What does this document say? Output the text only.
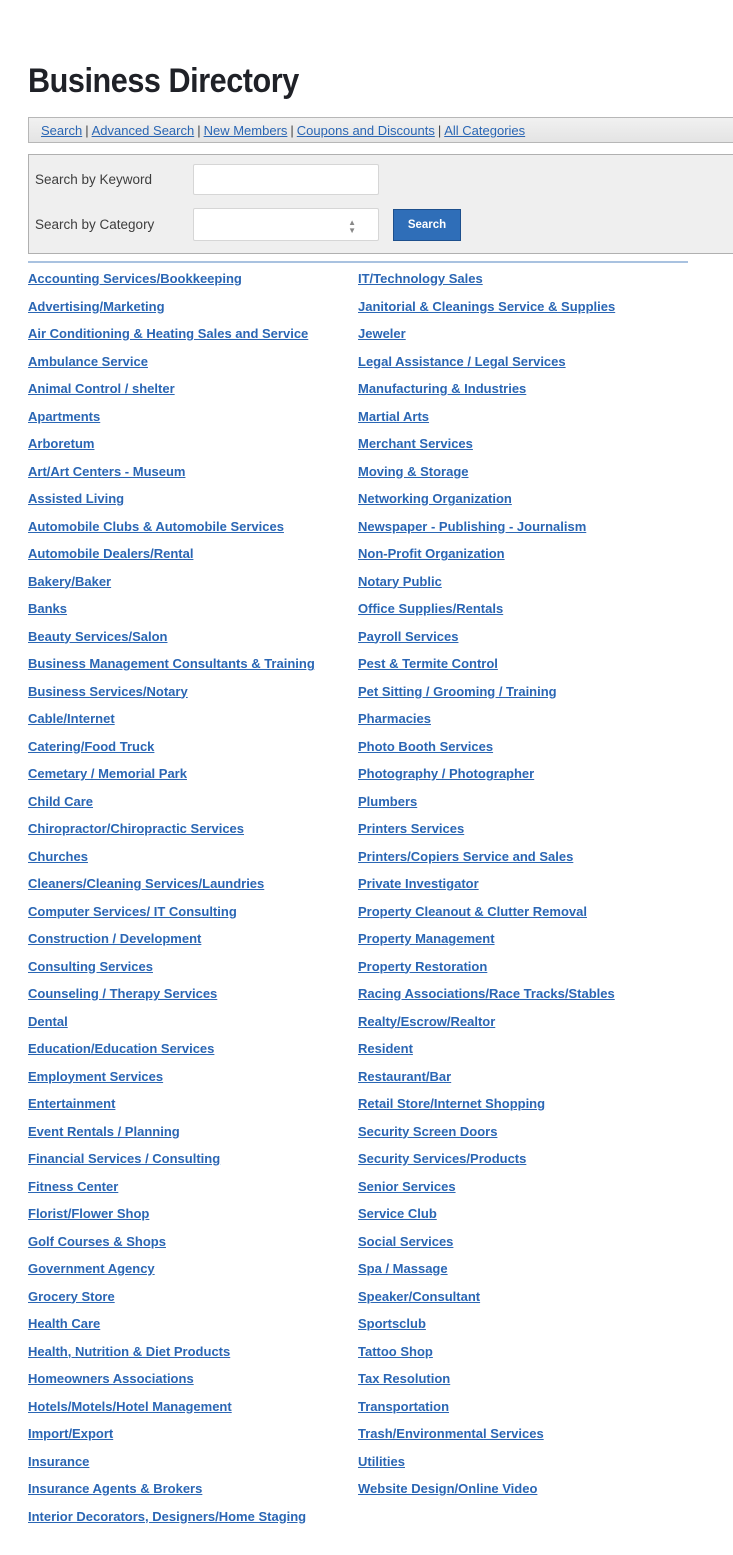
Business Directory
Search | Advanced Search | New Members | Coupons and Discounts | All Categories
Search by Keyword
Search by Category	▲
▼	Search
Accounting Services/Bookkeeping
Advertising/Marketing
Air Conditioning & Heating Sales and Service
Ambulance Service
Animal Control / shelter
Apartments
Arboretum
Art/Art Centers - Museum
Assisted Living
Automobile Clubs & Automobile Services
Automobile Dealers/Rental
Bakery/Baker
Banks
Beauty Services/Salon
Business Management Consultants & Training
Business Services/Notary
Cable/Internet
Catering/Food Truck
Cemetary / Memorial Park
Child Care
Chiropractor/Chiropractic Services
Churches
Cleaners/Cleaning Services/Laundries
Computer Services/ IT Consulting
Construction / Development
Consulting Services
Counseling / Therapy Services
Dental
Education/Education Services
Employment Services
Entertainment
Event Rentals / Planning
Financial Services / Consulting
Fitness Center
Florist/Flower Shop
Golf Courses & Shops
Government Agency
Grocery Store
Health Care
Health, Nutrition & Diet Products
Homeowners Associations
Hotels/Motels/Hotel Management
Import/Export
Insurance
Insurance Agents & Brokers
Interior Decorators, Designers/Home Staging
IT/Technology Sales
Janitorial & Cleanings Service & Supplies
Jeweler
Legal Assistance / Legal Services
Manufacturing & Industries
Martial Arts
Merchant Services
Moving & Storage
Networking Organization
Newspaper - Publishing - Journalism
Non-Profit Organization
Notary Public
Office Supplies/Rentals
Payroll Services
Pest & Termite Control
Pet Sitting / Grooming / Training
Pharmacies
Photo Booth Services
Photography / Photographer
Plumbers
Printers Services
Printers/Copiers Service and Sales
Private Investigator
Property Cleanout & Clutter Removal
Property Management
Property Restoration
Racing Associations/Race Tracks/Stables
Realty/Escrow/Realtor
Resident
Restaurant/Bar
Retail Store/Internet Shopping
Security Screen Doors
Security Services/Products
Senior Services
Service Club
Social Services
Spa / Massage
Speaker/Consultant
Sportsclub
Tattoo Shop
Tax Resolution
Transportation
Trash/Environmental Services
Utilities
Website Design/Online Video
